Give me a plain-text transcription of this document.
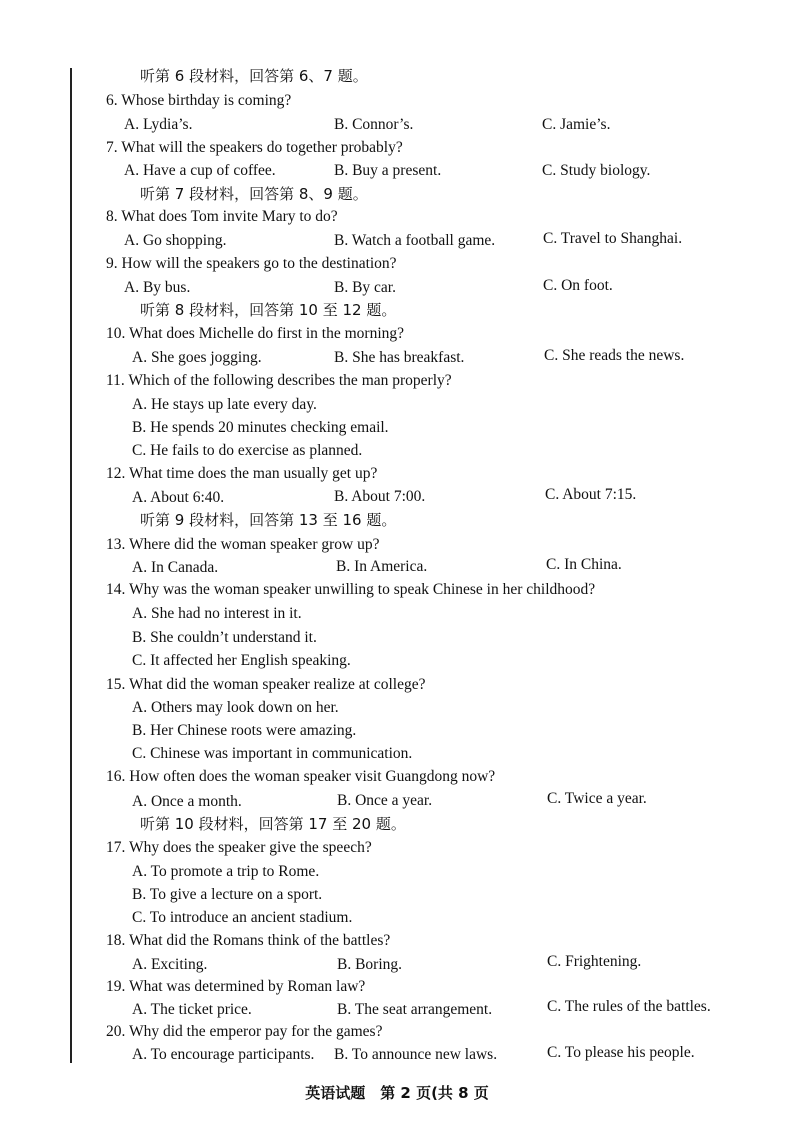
听第 6 段材料，回答第 6、7 题。
6. Whose birthday is coming?
A. Lydia’s.	B. Connor’s.	C. Jamie’s.
7. What will the speakers do together probably?
A. Have a cup of coffee.	B. Buy a present.	C. Study biology.
听第 7 段材料，回答第 8、9 题。
8. What does Tom invite Mary to do?
A. Go shopping.	B. Watch a football game.	C. Travel to Shanghai.
9. How will the speakers go to the destination?
A. By bus.	B. By car.	C. On foot.
听第 8 段材料，回答第 10 至 12 题。
10. What does Michelle do first in the morning?
A. She goes jogging.	B. She has breakfast.	C. She reads the news.
11. Which of the following describes the man properly?
A. He stays up late every day.
B. He spends 20 minutes checking email.
C. He fails to do exercise as planned.
12. What time does the man usually get up?
A. About 6:40.	B. About 7:00.	C. About 7:15.
听第 9 段材料，回答第 13 至 16 题。
13. Where did the woman speaker grow up?
A. In Canada.	B. In America.	C. In China.
14. Why was the woman speaker unwilling to speak Chinese in her childhood?
A. She had no interest in it.
B. She couldn’t understand it.
C. It affected her English speaking.
15. What did the woman speaker realize at college?
A. Others may look down on her.
B. Her Chinese roots were amazing.
C. Chinese was important in communication.
16. How often does the woman speaker visit Guangdong now?
A. Once a month.	B. Once a year.	C. Twice a year.
听第 10 段材料，回答第 17 至 20 题。
17. Why does the speaker give the speech?
A. To promote a trip to Rome.
B. To give a lecture on a sport.
C. To introduce an ancient stadium.
18. What did the Romans think of the battles?
A. Exciting.	B. Boring.	C. Frightening.
19. What was determined by Roman law?
A. The ticket price.	B. The seat arrangement.	C. The rules of the battles.
20. Why did the emperor pay for the games?
A. To encourage participants. B. To announce new laws.	C. To please his people.
英语试题　第 2 页(共 8 页
